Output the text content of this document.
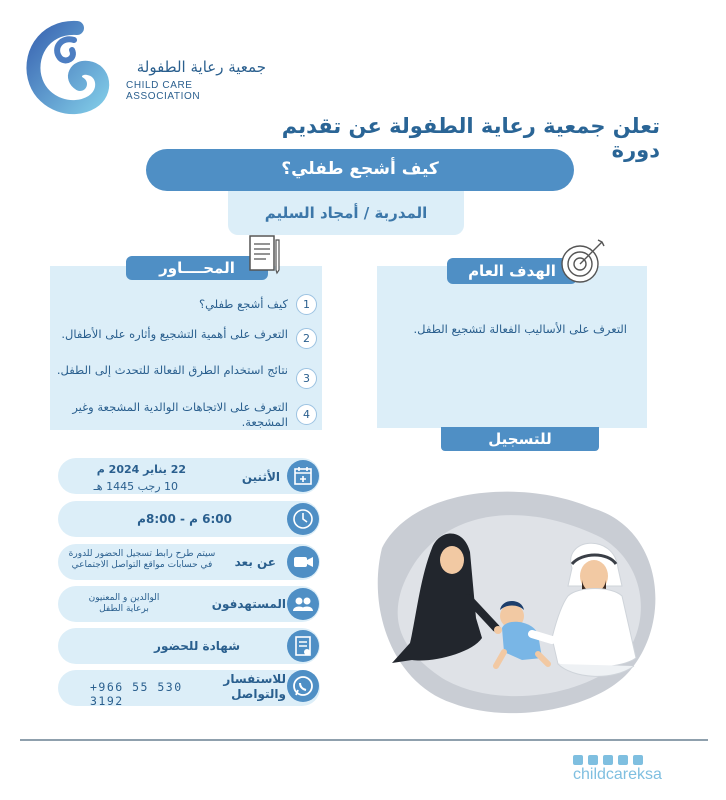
جمعية رعاية الطفولة
CHILD CARE ASSOCIATION
تعلن جمعية رعاية الطفولة عن تقديم دورة
كيف أشجع طفلي؟
المدربة / أمجاد السليم
المحــــاور
1
كيف أشجع طفلي؟
2
التعرف على أهمية التشجيع وأثاره على الأطفال.
3
نتائج استخدام الطرق الفعالة للتحدث إلى الطفل.
4
التعرف على الاتجاهات الوالدية المشجعة وغير المشجعة.
الهدف العام
التعرف على الأساليب الفعالة لتشجيع الطفل.
للتسجيل
الأثنين
22 يناير 2024 م
10 رجب 1445 هـ
6:00 م - 8:00م
عن بعد
سيتم طرح رابط تسجيل الحضور للدورة في حسابات مواقع التواصل الاجتماعي
المستهدفون
الوالدين و المعنيون برعاية الطفل
شهادة للحضور
للاستفسار والتواصل
+966 55 530 3192
childcareksa
